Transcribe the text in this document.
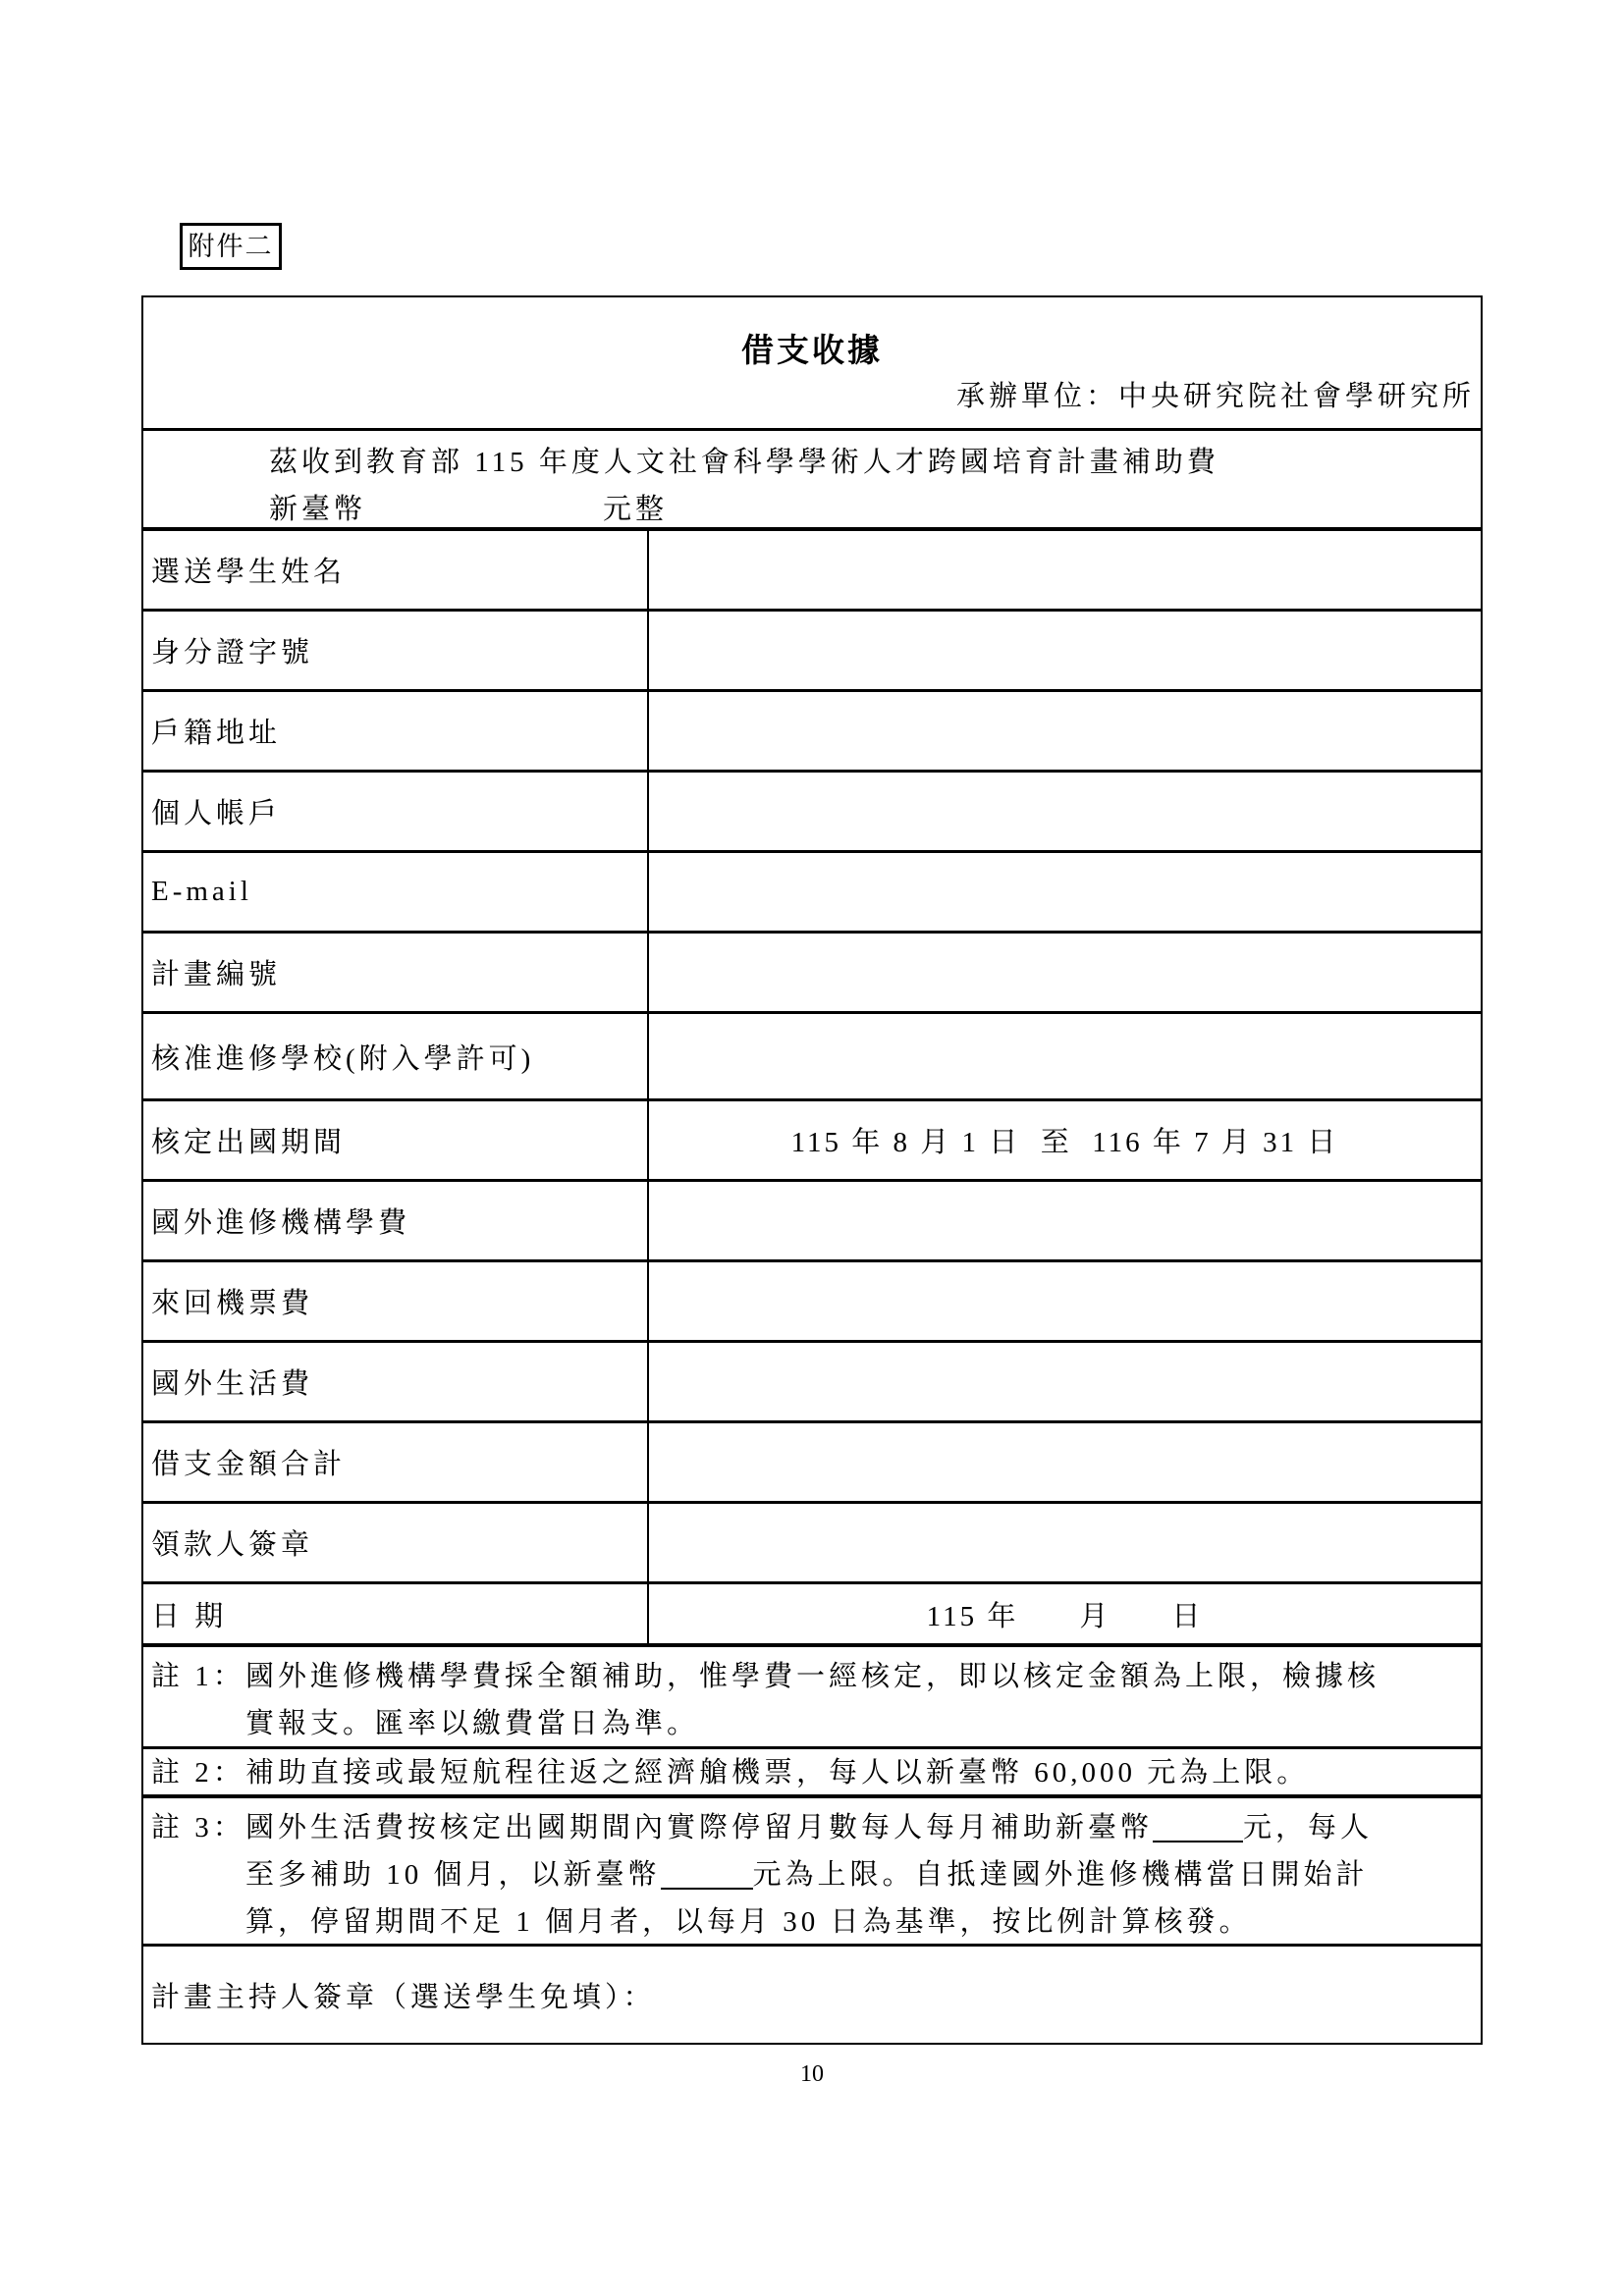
附件二
借支收據
承辦單位：中央研究院社會學研究所
茲收到教育部 115 年度人文社會科學學術人才跨國培育計畫補助費
新臺幣	元整
選送學生姓名
身分證字號
戶籍地址
個人帳戶
E-mail
計畫編號
核准進修學校(附入學許可)
核定出國期間	115 年 8 月 1 日  至  116 年 7 月 31 日
國外進修機構學費
來回機票費
國外生活費
借支金額合計
領款人簽章
日 期	115 年 月 日
註 1： 國外進修機構學費採全額補助，惟學費一經核定，即以核定金額為上限，檢據核
實報支。匯率以繳費當日為準。
註 2： 補助直接或最短航程往返之經濟艙機票，每人以新臺幣 60,000 元為上限。
註 3： 國外生活費按核定出國期間內實際停留月數每人每月補助新臺幣	元，每人
至多補助 10 個月，以新臺幣	元為上限。自抵達國外進修機構當日開始計
算，停留期間不足 1 個月者，以每月 30 日為基準，按比例計算核發。
計畫主持人簽章（選送學生免填）：
10
